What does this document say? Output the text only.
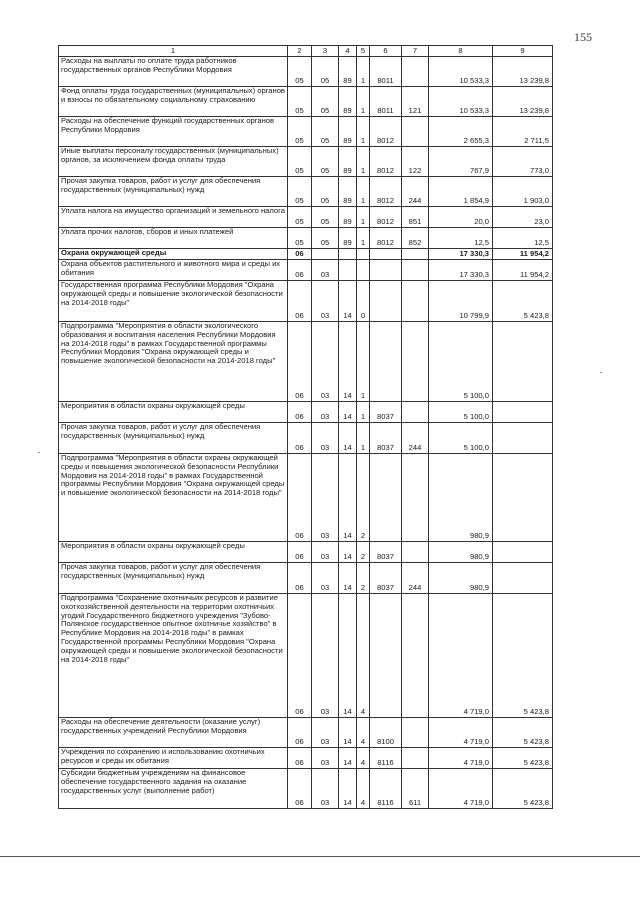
155
1	2	3	4	5	6	7	8	9
Расходы на выплаты по оплате труда работников государственных органов Республики Мордовия	05	05	89	1	8011		10 533,3	13 239,8
Фонд оплаты труда государственных (муниципальных) органов и взносы по обязательному социальному страхованию	05	05	89	1	8011	121	10 533,3	13 239,8
Расходы на обеспечение функций государственных органов Республики Мордовия	05	05	89	1	8012		2 655,3	2 711,5
Иные выплаты персоналу государственных (муниципальных) органов, за исключением фонда оплаты труда	05	05	89	1	8012	122	767,9	773,0
Прочая закупка товаров, работ и услуг для обеспечения государственных (муниципальных) нужд	05	05	89	1	8012	244	1 854,9	1 903,0
Уплата налога на имущество организаций и земельного налога	05	05	89	1	8012	851	20,0	23,0
Уплата прочих налогов, сборов и иных платежей	05	05	89	1	8012	852	12,5	12,5
Охрана окружающей среды	06						17 330,3	11 954,2
Охрана объектов растительного и животного мира и среды их обитания	06	03					17 330,3	11 954,2
Государственная программа Республики Мордовия "Охрана окружающей среды и повышение экологической безопасности на 2014-2018 годы"	06	03	14	0			10 799,9	5 423,8
Подпрограмма "Мероприятия в области экологического образования и воспитания населения Республики Мордовия на 2014-2018 годы" в рамках Государственной программы Республики Мордовия "Охрана окружающей среды и повышение экологической безопасности на 2014-2018 годы"	06	03	14	1			5 100,0	
Мероприятия в области охраны окружающей среды	06	03	14	1	8037		5 100,0	
Прочая закупка товаров, работ и услуг для обеспечения государственных (муниципальных) нужд	06	03	14	1	8037	244	5 100,0	
Подпрограмма "Мероприятия в области охраны окружающей среды и повышения экологической безопасности Республики Мордовия на 2014-2018 годы" в рамках Государственной программы Республики Мордовия "Охрана окружающей среды и повышение экологической безопасности на 2014-2018 годы"	06	03	14	2			980,9	
Мероприятия в области охраны окружающей среды	06	03	14	2	8037		980,9	
Прочая закупка товаров, работ и услуг для обеспечения государственных (муниципальных) нужд	06	03	14	2	8037	244	980,9	
Подпрограмма "Сохранение охотничьих ресурсов и развитие охотхозяйственной деятельности на территории охотничьих угодий Государственного бюджетного учреждения "Зубово-Полянское государственное опытное охотничье хозяйство" в Республике Мордовия на 2014-2018 годы" в рамках Государственной программы Республики Мордовия "Охрана окружающей среды и повышение экологической безопасности на 2014-2018 годы"	06	03	14	4			4 719,0	5 423,8
Расходы на обеспечение деятельности (оказание услуг) государственных учреждений Республики Мордовия	06	03	14	4	8100		4 719,0	5 423,8
Учреждения по сохранению и использованию охотничьих ресурсов и среды их обитания	06	03	14	4	8116		4 719,0	5 423,8
Субсидии бюджетным учреждениям на финансовое обеспечение государственного задания на оказание государственных услуг (выполнение работ)	06	03	14	4	8116	611	4 719,0	5 423,8
